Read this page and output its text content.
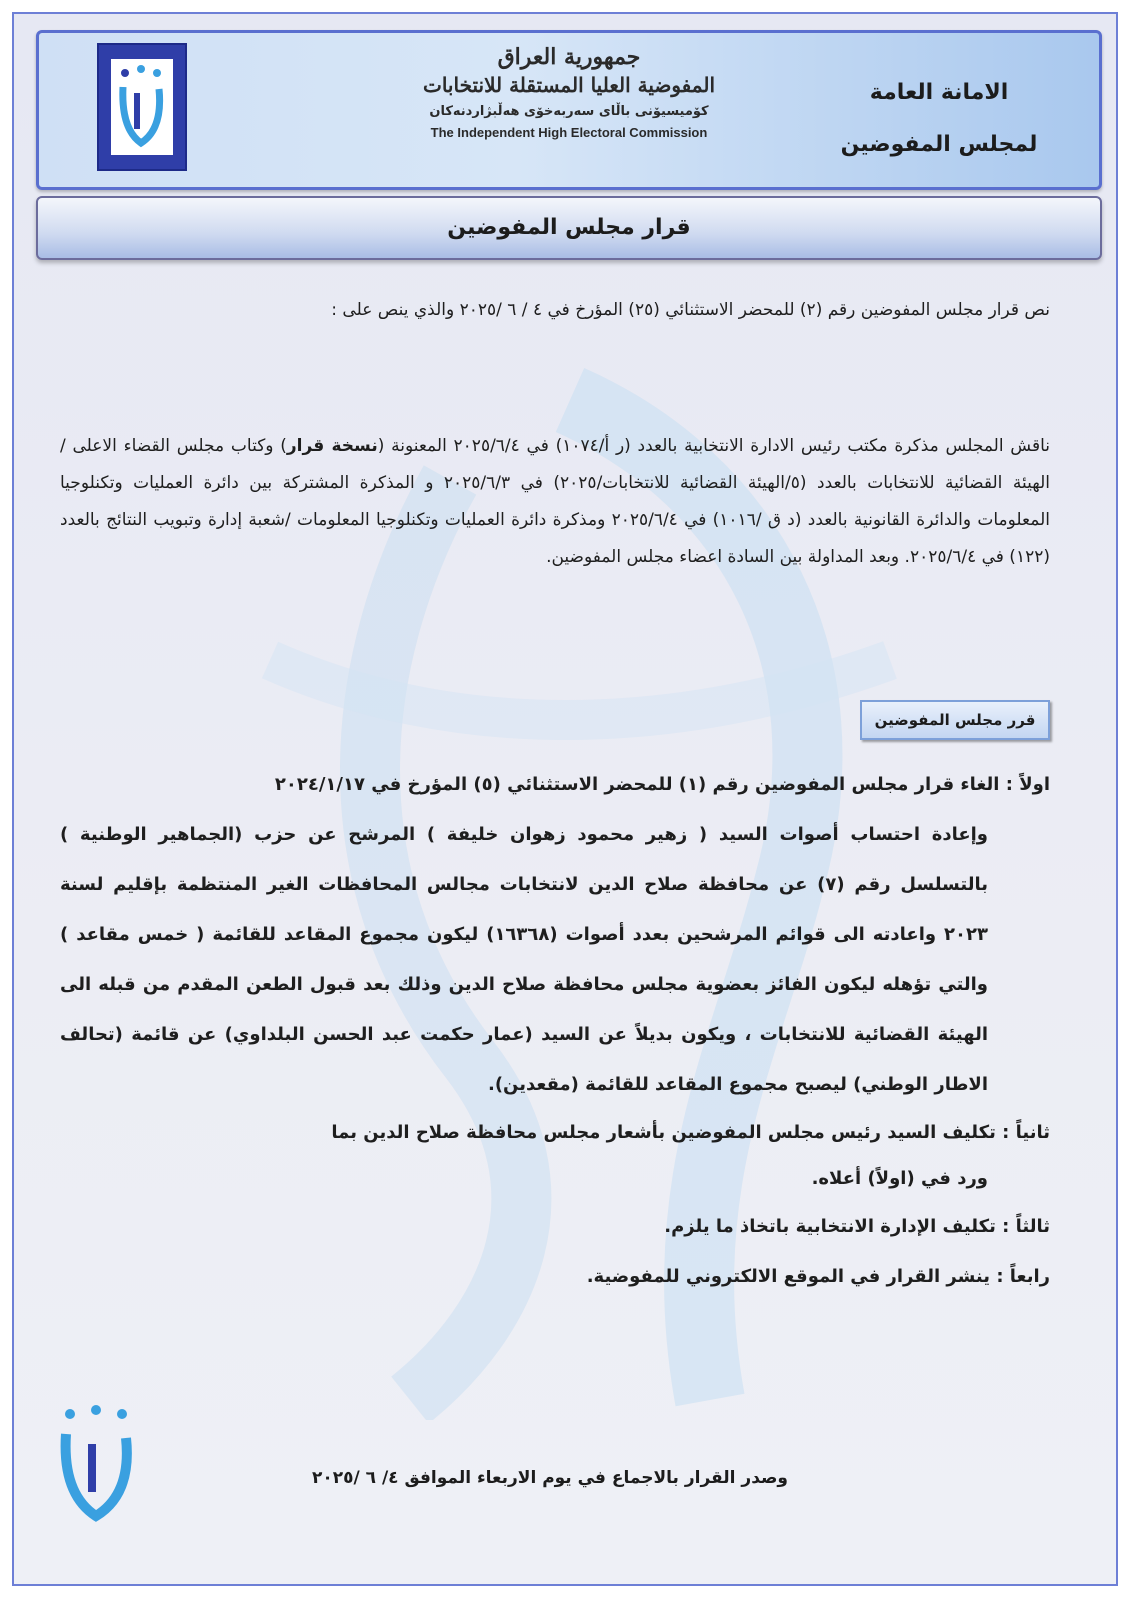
جمهورية العراق
المفوضية العليا المستقلة للانتخابات
كۆمیسیۆنی باڵای سەربەخۆی هەڵبژاردنەکان
The Independent High Electoral Commission
الامانة العامة
لمجلس المفوضين
قرار مجلس المفوضين
نص قرار مجلس المفوضين رقم (٢) للمحضر الاستثنائي (٢٥) المؤرخ في ٤ / ٦ /٢٠٢٥ والذي ينص على :
ناقش المجلس مذكرة مكتب رئيس الادارة الانتخابية بالعدد (ر أ/١٠٧٤) في ٢٠٢٥/٦/٤ المعنونة (نسخة قرار) وكتاب مجلس القضاء الاعلى /الهيئة القضائية للانتخابات بالعدد (٥/الهيئة القضائية للانتخابات/٢٠٢٥) في ٢٠٢٥/٦/٣ و المذكرة المشتركة بين دائرة العمليات وتكنلوجيا المعلومات والدائرة القانونية بالعدد (د ق /١٠١٦) في ٢٠٢٥/٦/٤ ومذكرة دائرة العمليات وتكنلوجيا المعلومات /شعبة إدارة وتبويب النتائج بالعدد (١٢٢) في ٢٠٢٥/٦/٤. وبعد المداولة بين السادة اعضاء مجلس المفوضين.
قرر مجلس المفوضين
اولاً : الغاء قرار مجلس المفوضين رقم (١) للمحضر الاستثنائي (٥) المؤرخ في ٢٠٢٤/١/١٧
وإعادة احتساب أصوات السيد ( زهير محمود زهوان خليفة ) المرشح عن حزب (الجماهير الوطنية ) بالتسلسل رقم (٧) عن محافظة صلاح الدين لانتخابات مجالس المحافظات الغير المنتظمة بإقليم لسنة ٢٠٢٣ واعادته الى قوائم المرشحين بعدد أصوات (١٦٣٦٨) ليكون مجموع المقاعد للقائمة ( خمس مقاعد ) والتي تؤهله ليكون الفائز بعضوية مجلس محافظة صلاح الدين وذلك بعد قبول الطعن المقدم من قبله الى الهيئة القضائية للانتخابات ، ويكون بديلاً عن السيد (عمار حكمت عبد الحسن البلداوي) عن قائمة (تحالف الاطار الوطني) ليصبح مجموع المقاعد للقائمة (مقعدين).
ثانياً : تكليف السيد رئيس مجلس المفوضين بأشعار مجلس محافظة صلاح الدين بما
ورد في (اولاً) أعلاه.
ثالثاً : تكليف الإدارة الانتخابية باتخاذ ما يلزم.
رابعاً : ينشر القرار في الموقع الالكتروني للمفوضية.
وصدر القرار بالاجماع في يوم الاربعاء الموافق ٤/ ٦ /٢٠٢٥
